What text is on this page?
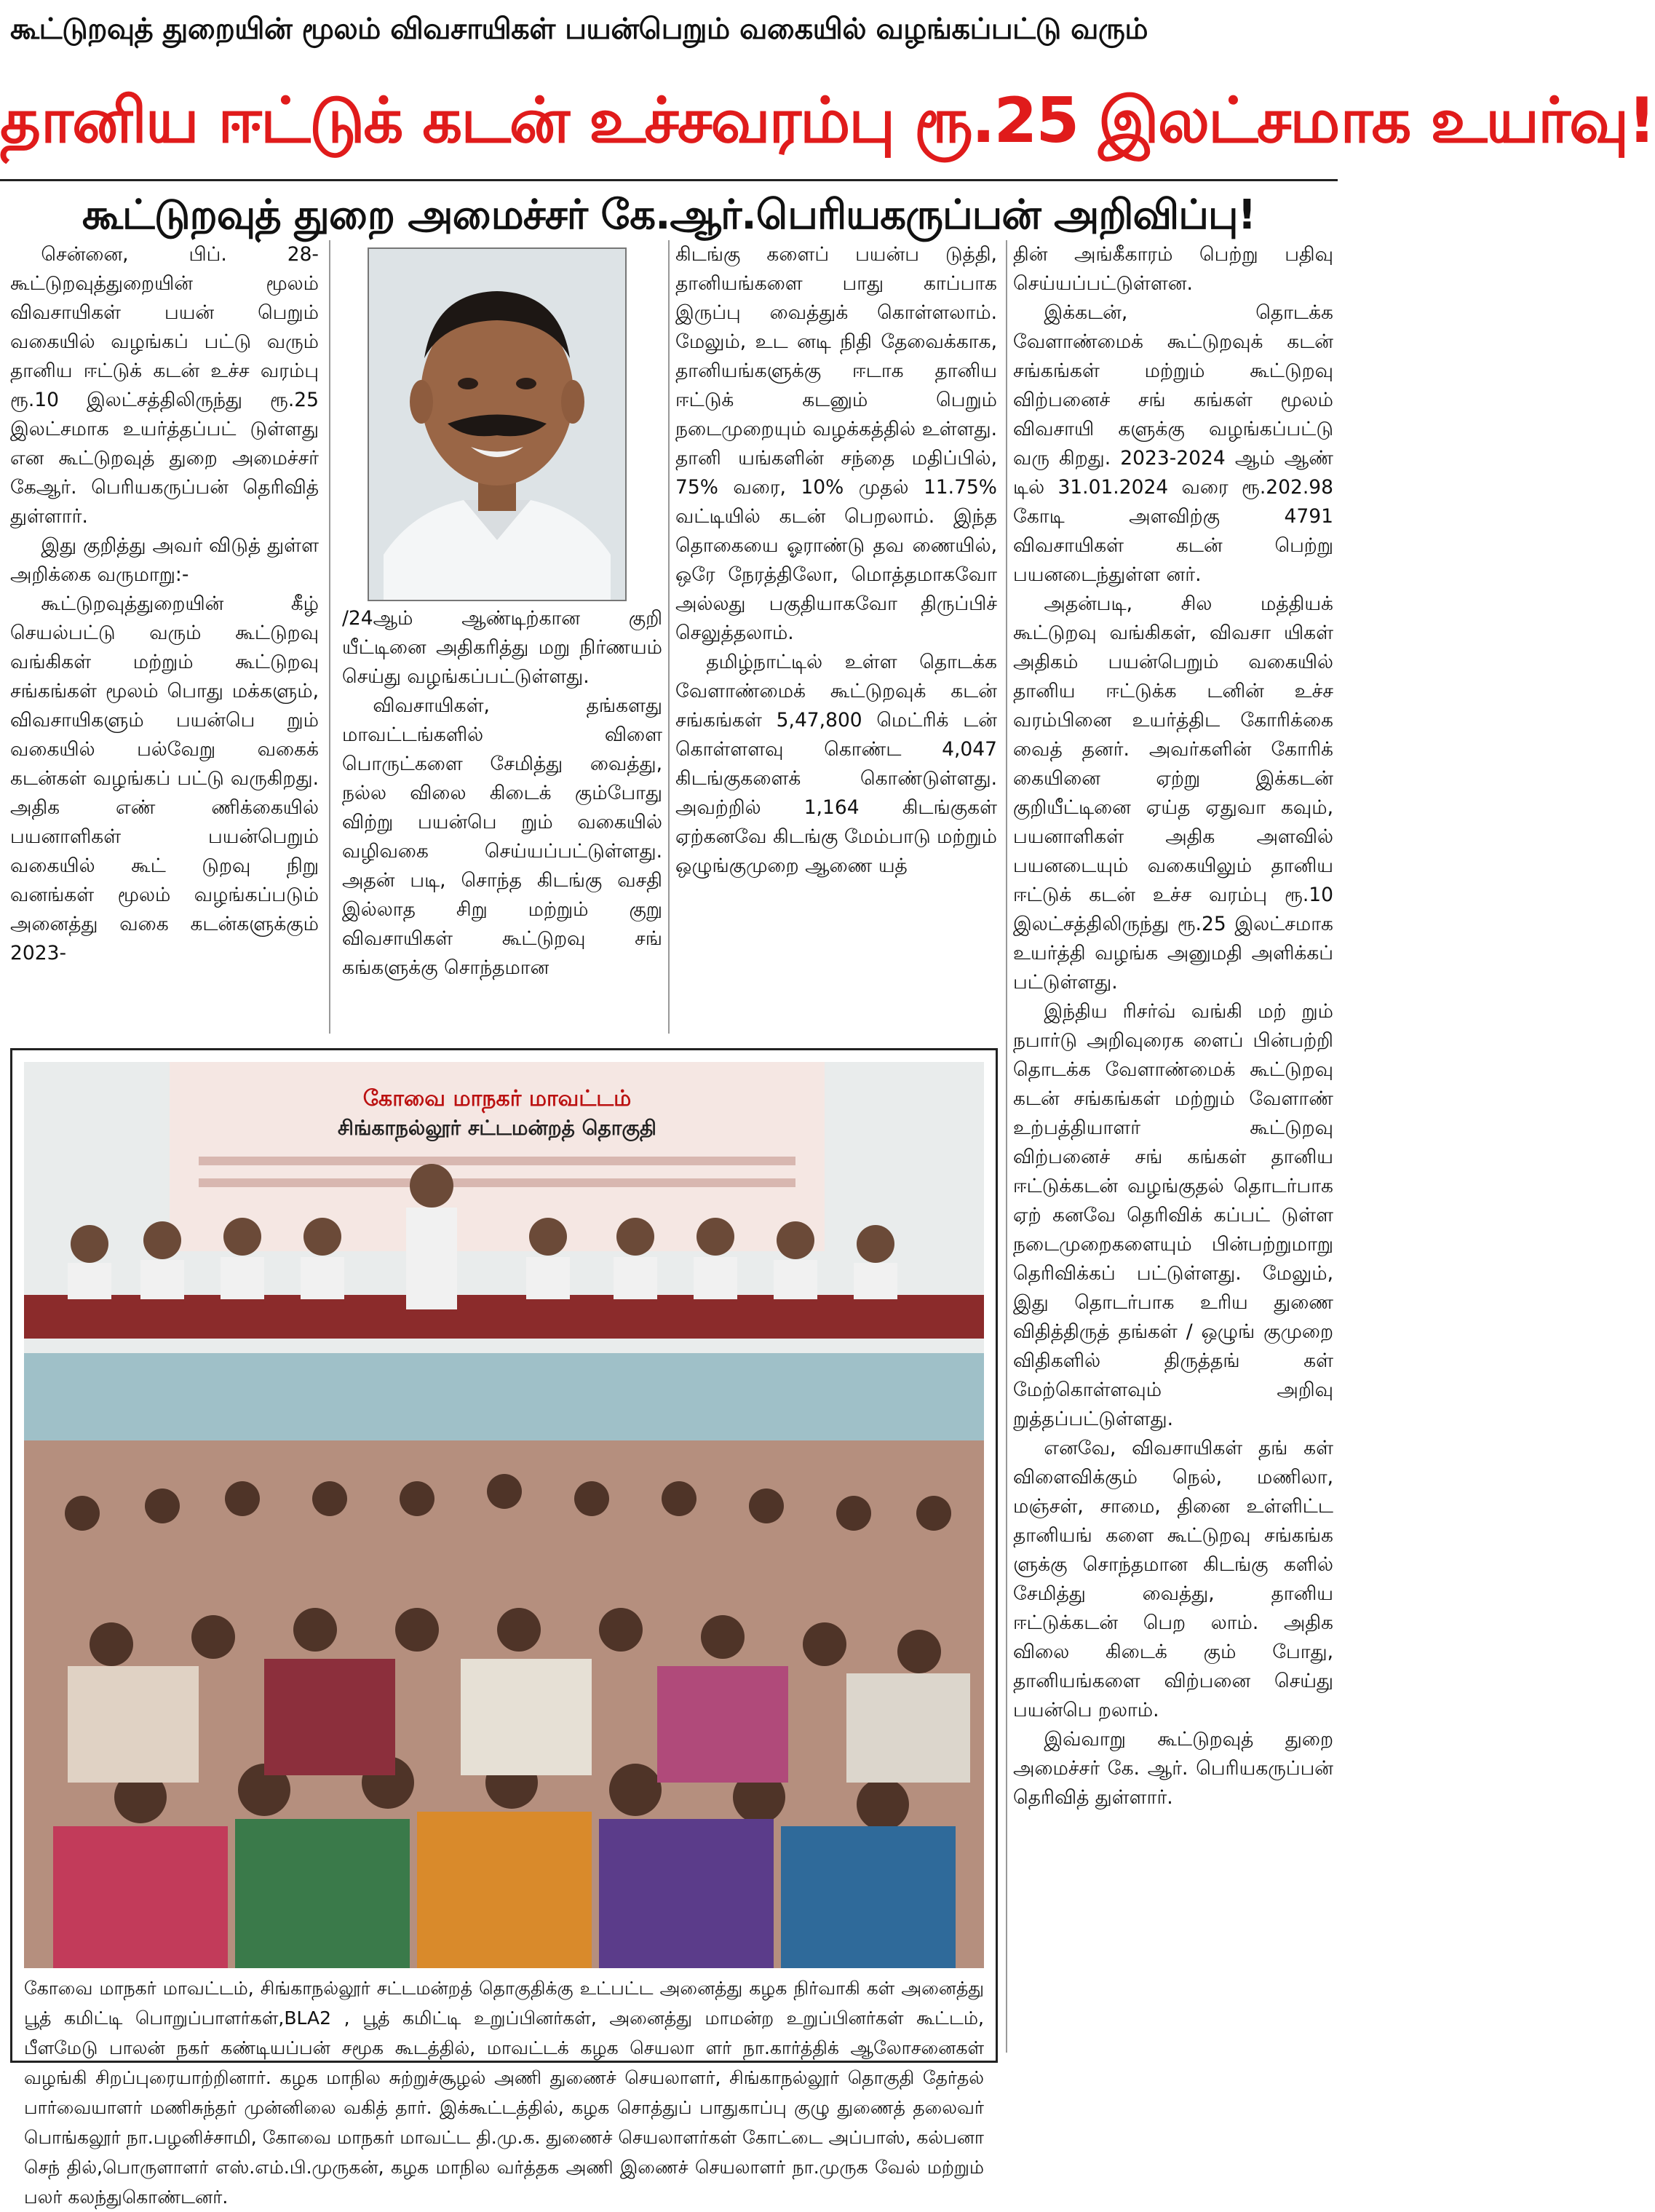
கூட்டுறவுத் துறையின் மூலம் விவசாயிகள் பயன்பெறும் வகையில் வழங்கப்பட்டு வரும்
தானிய ஈட்டுக் கடன் உச்சவரம்பு ரூ.25 இலட்சமாக உயர்வு!
கூட்டுறவுத் துறை அமைச்சர் கே.ஆர்.பெரியகருப்பன் அறிவிப்பு!

சென்னை, பிப். 28- கூட்டுறவுத்துறையின் மூலம் விவசாயிகள் பயன் பெறும் வகையில் வழங்கப் பட்டு வரும் தானிய ஈட்டுக் கடன் உச்ச வரம்பு ரூ.10 இலட்சத்திலிருந்து ரூ.25 இலட்சமாக உயர்த்தப்பட் டுள்ளது என கூட்டுறவுத் துறை அமைச்சர் கேஆர். பெரியகருப்பன் தெரிவித் துள்ளார்.

இது குறித்து அவர் விடுத் துள்ள அறிக்கை வருமாறு:-

கூட்டுறவுத்துறையின் கீழ் செயல்பட்டு வரும் கூட்டுறவு வங்கிகள் மற்றும் கூட்டுறவு சங்கங்கள் மூலம் பொது மக்களும், விவசாயிகளும் பயன்பெ றும் வகையில் பல்வேறு வகைக் கடன்கள் வழங்கப் பட்டு வருகிறது. அதிக எண் ணிக்கையில் பயனாளிகள் பயன்பெறும் வகையில் கூட் டுறவு நிறு வனங்கள் மூலம் வழங்கப்படும் அனைத்து வகை கடன்களுக்கும் 2023-

/24ஆம் ஆண்டிற்கான குறி யீட்டினை அதிகரித்து மறு நிர்ணயம் செய்து வழங்கப்பட்டுள்ளது.

விவசாயிகள், தங்களது மாவட்டங்களில் விளை பொருட்களை சேமித்து வைத்து, நல்ல விலை கிடைக் கும்போது விற்று பயன்பெ றும் வகையில் வழிவகை செய்யப்பட்டுள்ளது. அதன் படி, சொந்த கிடங்கு வசதி இல்லாத சிறு மற்றும் குறு விவசாயிகள் கூட்டுறவு சங் கங்களுக்கு சொந்தமான

கிடங்கு களைப் பயன்ப டுத்தி, தானியங்களை பாது காப்பாக இருப்பு வைத்துக் கொள்ளலாம். மேலும், உட னடி நிதி தேவைக்காக, தானியங்களுக்கு ஈடாக தானிய ஈட்டுக் கடனும் பெறும் நடைமுறையும் வழக்கத்தில் உள்ளது. தானி யங்களின் சந்தை மதிப்பில், 75% வரை, 10% முதல் 11.75% வட்டியில் கடன் பெறலாம். இந்த தொகையை ஓராண்டு தவ ணையில், ஒரே நேரத்திலோ, மொத்தமாகவோ அல்லது பகுதியாகவோ திருப்பிச் செலுத்தலாம்.

தமிழ்நாட்டில் உள்ள தொடக்க வேளாண்மைக் கூட்டுறவுக் கடன் சங்கங்கள் 5,47,800 மெட்ரிக் டன் கொள்ளளவு கொண்ட 4,047 கிடங்குகளைக் கொண்டுள்ளது. அவற்றில் 1,164 கிடங்குகள் ஏற்கனவே கிடங்கு மேம்பாடு மற்றும் ஒழுங்குமுறை ஆணை யத்

தின் அங்கீகாரம் பெற்று பதிவு செய்யப்பட்டுள்ளன.

இக்கடன், தொடக்க வேளாண்மைக் கூட்டுறவுக் கடன் சங்கங்கள் மற்றும் கூட்டுறவு விற்பனைச் சங் கங்கள் மூலம் விவசாயி களுக்கு வழங்கப்பட்டு வரு கிறது. 2023-2024 ஆம் ஆண் டில் 31.01.2024 வரை ரூ.202.98 கோடி அளவிற்கு 4791 விவசாயிகள் கடன் பெற்று பயனடைந்துள்ள னர்.

அதன்படி, சில மத்தியக் கூட்டுறவு வங்கிகள், விவசா யிகள் அதிகம் பயன்பெறும் வகையில் தானிய ஈட்டுக்க டனின் உச்ச வரம்பினை உயர்த்திட கோரிக்கை வைத் தனர். அவர்களின் கோரிக் கையினை ஏற்று இக்கடன் குறியீட்டினை ஏய்த ஏதுவா கவும், பயனாளிகள் அதிக அளவில் பயனடையும் வகையிலும் தானிய ஈட்டுக் கடன் உச்ச வரம்பு ரூ.10 இலட்சத்திலிருந்து ரூ.25 இலட்சமாக உயர்த்தி வழங்க அனுமதி அளிக்கப் பட்டுள்ளது.

இந்திய ரிசர்வ் வங்கி மற் றும் நபார்டு அறிவுரைக ளைப் பின்பற்றி தொடக்க வேளாண்மைக் கூட்டுறவு கடன் சங்கங்கள் மற்றும் வேளாண் உற்பத்தியாளர் கூட்டுறவு விற்பனைச் சங் கங்கள் தானிய ஈட்டுக்கடன் வழங்குதல் தொடர்பாக ஏற் கனவே தெரிவிக் கப்பட் டுள்ள நடைமுறைகளையும் பின்பற்றுமாறு தெரிவிக்கப் பட்டுள்ளது. மேலும், இது தொடர்பாக உரிய துணை விதித்திருத் தங்கள் / ஒழுங் குமுறை விதிகளில் திருத்தங் கள் மேற்கொள்ளவும் அறிவு றுத்தப்பட்டுள்ளது.

எனவே, விவசாயிகள் தங் கள் விளைவிக்கும் நெல், மணிலா, மஞ்சள், சாமை, தினை உள்ளிட்ட தானியங் களை கூட்டுறவு சங்கங்க ளுக்கு சொந்தமான கிடங்கு களில் சேமித்து வைத்து, தானிய ஈட்டுக்கடன் பெற லாம். அதிக விலை கிடைக் கும் போது, தானியங்களை விற்பனை செய்து பயன்பெ றலாம்.

இவ்வாறு கூட்டுறவுத் துறை அமைச்சர் கே. ஆர். பெரியகருப்பன் தெரிவித் துள்ளார்.

கோவை மாநகர் மாவட்டம்
சிங்காநல்லூர் சட்டமன்றத் தொகுதி
கோவை மாநகர் மாவட்டம், சிங்காநல்லூர் சட்டமன்றத் தொகுதிக்கு உட்பட்ட அனைத்து கழக நிர்வாகி கள் அனைத்து பூத் கமிட்டி பொறுப்பாளர்கள்,BLA2 , பூத் கமிட்டி உறுப்பினர்கள், அனைத்து மாமன்ற உறுப்பினர்கள் கூட்டம், பீளமேடு பாலன் நகர் கண்டியப்பன் சமூக கூடத்தில், மாவட்டக் கழக செயலா ளர் நா.கார்த்திக் ஆலோசனைகள் வழங்கி சிறப்புரையாற்றினார். கழக மாநில சுற்றுச்சூழல் அணி துணைச் செயலாளர், சிங்காநல்லூர் தொகுதி தேர்தல் பார்வையாளர் மணிசுந்தர் முன்னிலை வகித் தார். இக்கூட்டத்தில், கழக சொத்துப் பாதுகாப்பு குழு துணைத் தலைவர் பொங்கலூர் நா.பழனிச்சாமி, கோவை மாநகர் மாவட்ட தி.மு.க. துணைச் செயலாளர்கள் கோட்டை அப்பாஸ், கல்பனா செந் தில்,பொருளாளர் எஸ்.எம்.பி.முருகன், கழக மாநில வர்த்தக அணி இணைச் செயலாளர் நா.முருக வேல் மற்றும் பலர் கலந்துகொண்டனர்.
